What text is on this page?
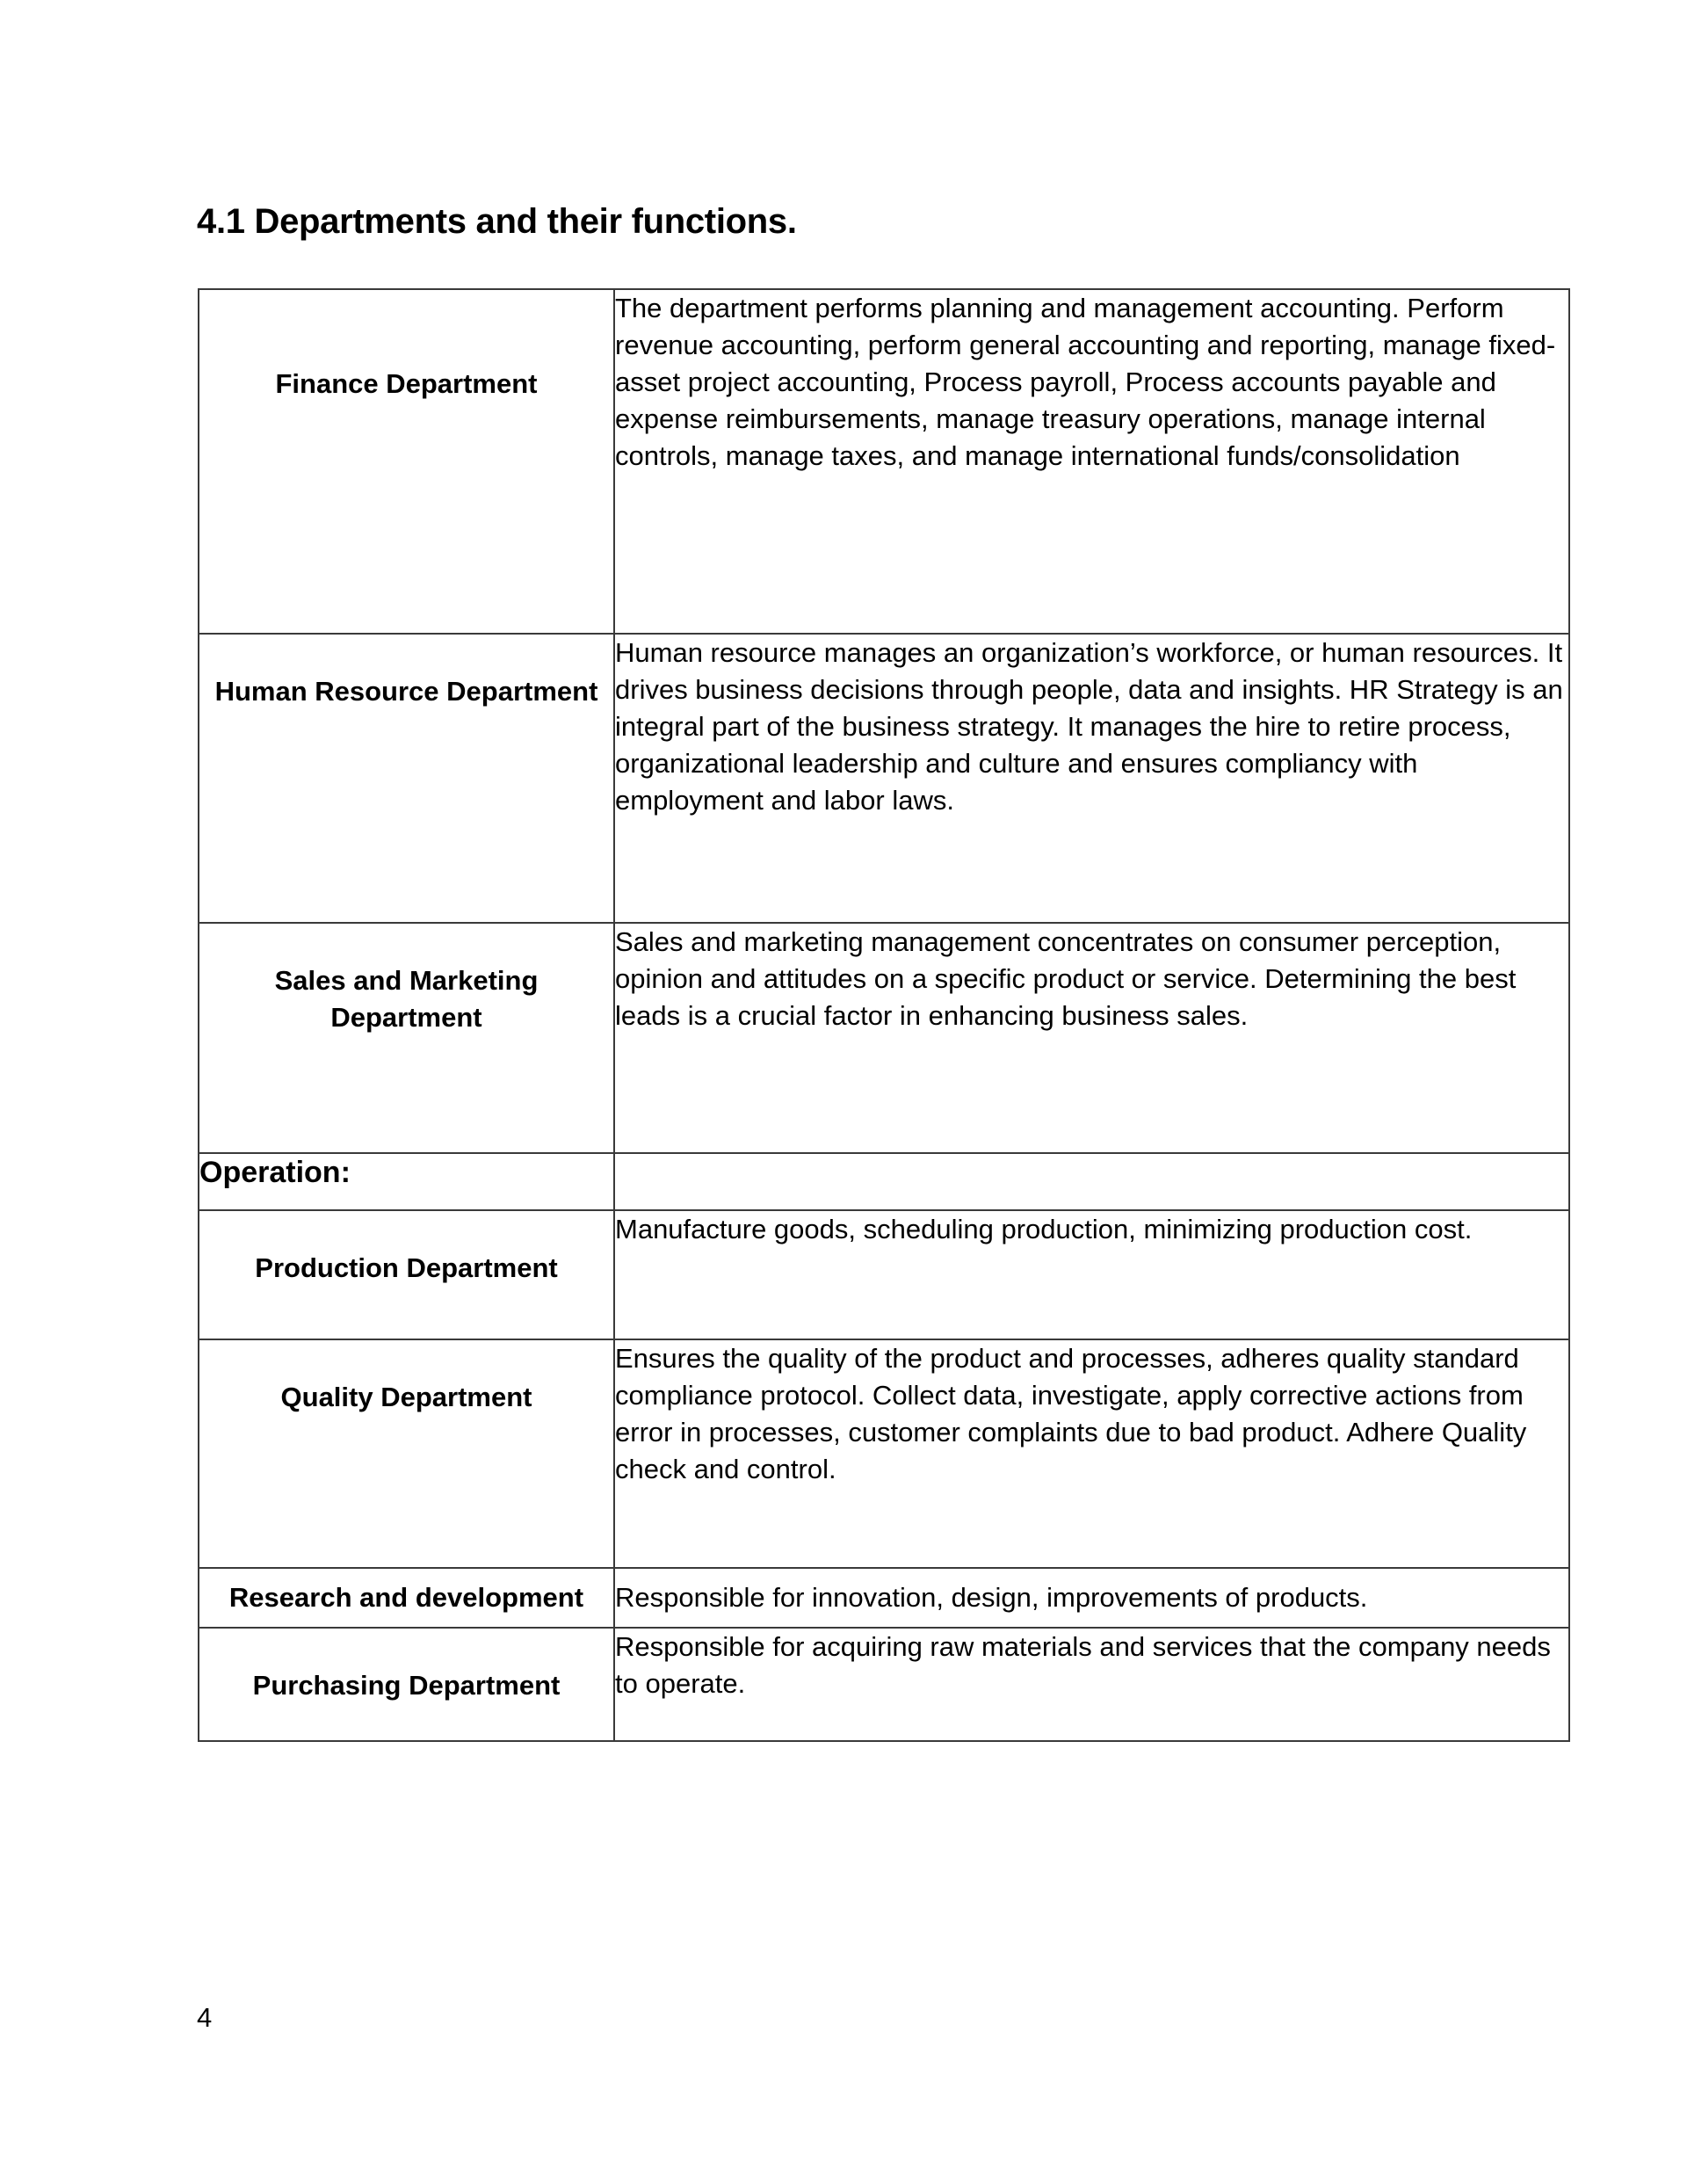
4.1 Departments and their functions.
Finance Department	The department performs planning and management accounting. Perform revenue accounting, perform general accounting and reporting, manage fixed-asset project accounting, Process payroll, Process accounts payable and expense reimbursements, manage treasury operations, manage internal controls, manage taxes, and manage international funds/consolidation
Human Resource Department	Human resource manages an organization’s workforce, or human resources. It drives business decisions through people, data and insights. HR Strategy is an integral part of the business strategy. It manages the hire to retire process, organizational leadership and culture and ensures compliancy with employment and labor laws.
Sales and Marketing Department	Sales and marketing management concentrates on consumer perception, opinion and attitudes on a specific product or service. Determining the best leads is a crucial factor in enhancing business sales.
Operation:	
Production Department	Manufacture goods, scheduling production, minimizing production cost.
Quality Department	Ensures the quality of the product and processes, adheres quality standard compliance protocol. Collect data, investigate, apply corrective actions from error in processes, customer complaints due to bad product. Adhere Quality check and control.
Research and development	Responsible for innovation, design, improvements of products.
Purchasing Department	Responsible for acquiring raw materials and services that the company needs to operate.
4
